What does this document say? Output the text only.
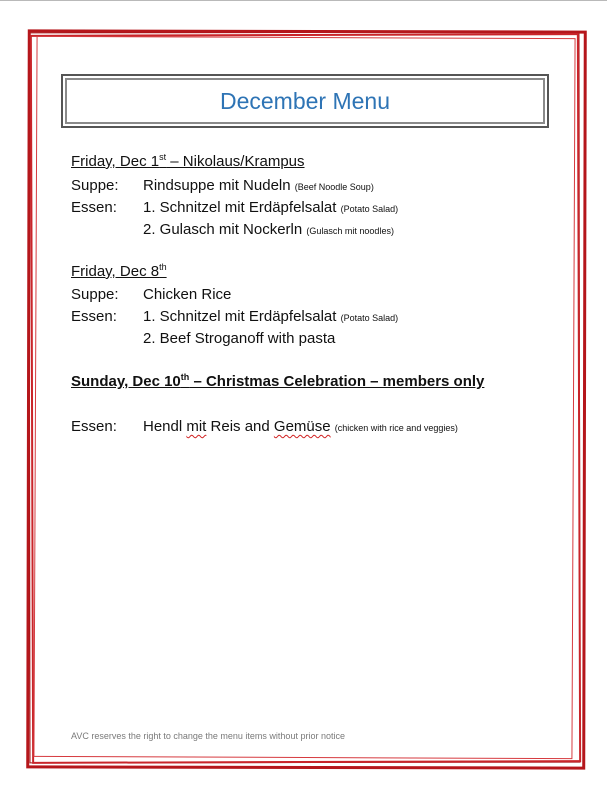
December Menu
Friday, Dec 1st – Nikolaus/Krampus
Suppe: Rindsuppe mit Nudeln (Beef Noodle Soup)
Essen: 1. Schnitzel mit Erdäpfelsalat (Potato Salad)
2. Gulasch mit Nockerln (Gulasch mit noodles)
Friday, Dec 8th
Suppe: Chicken Rice
Essen: 1. Schnitzel mit Erdäpfelsalat (Potato Salad)
2. Beef Stroganoff with pasta
Sunday, Dec 10th – Christmas Celebration – members only
Essen: Hendl mit Reis and Gemüse (chicken with rice and veggies)
AVC reserves the right to change the menu items without prior notice
